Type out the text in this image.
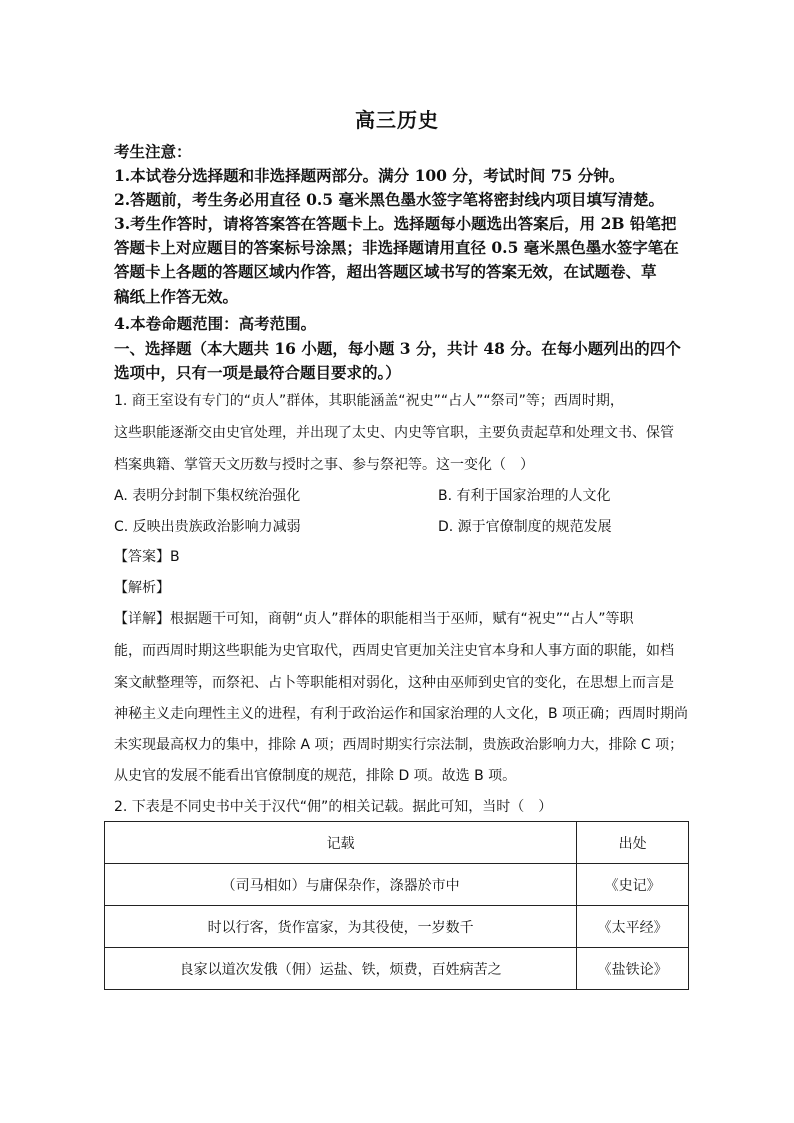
高三历史
考生注意：
1.本试卷分选择题和非选择题两部分。满分 100 分，考试时间 75 分钟。
2.答题前，考生务必用直径 0.5 毫米黑色墨水签字笔将密封线内项目填写清楚。
3.考生作答时，请将答案答在答题卡上。选择题每小题选出答案后，用 2B 铅笔把
答题卡上对应题目的答案标号涂黑；非选择题请用直径 0.5 毫米黑色墨水签字笔在
答题卡上各题的答题区域内作答，超出答题区域书写的答案无效，在试题卷、草
稿纸上作答无效。
4.本卷命题范围：高考范围。
一、选择题（本大题共 16 小题，每小题 3 分，共计 48 分。在每小题列出的四个
选项中，只有一项是最符合题目要求的。）
1. 商王室设有专门的“贞人”群体，其职能涵盖“祝史”“占人”“祭司”等；西周时期，
这些职能逐渐交由史官处理，并出现了太史、内史等官职，主要负责起草和处理文书、保管
档案典籍、掌管天文历数与授时之事、参与祭祀等。这一变化（　）
A. 表明分封制下集权统治强化	B. 有利于国家治理的人文化
C. 反映出贵族政治影响力减弱	D. 源于官僚制度的规范发展
【答案】B
【解析】
【详解】根据题干可知，商朝“贞人”群体的职能相当于巫师，赋有“祝史”“占人”等职
能，而西周时期这些职能为史官取代，西周史官更加关注史官本身和人事方面的职能，如档
案文献整理等，而祭祀、占卜等职能相对弱化，这种由巫师到史官的变化，在思想上而言是
神秘主义走向理性主义的进程，有利于政治运作和国家治理的人文化，B 项正确；西周时期尚
未实现最高权力的集中，排除 A 项；西周时期实行宗法制，贵族政治影响力大，排除 C 项；
从史官的发展不能看出官僚制度的规范，排除 D 项。故选 B 项。
2. 下表是不同史书中关于汉代“佣”的相关记载。据此可知，当时（　）
记载	出处
（司马相如）与庸保杂作，涤器於市中	《史记》
时以行客，货作富家，为其役使，一岁数千	《太平经》
良家以道次发俄（佣）运盐、铁，烦费，百姓病苦之	《盐铁论》
